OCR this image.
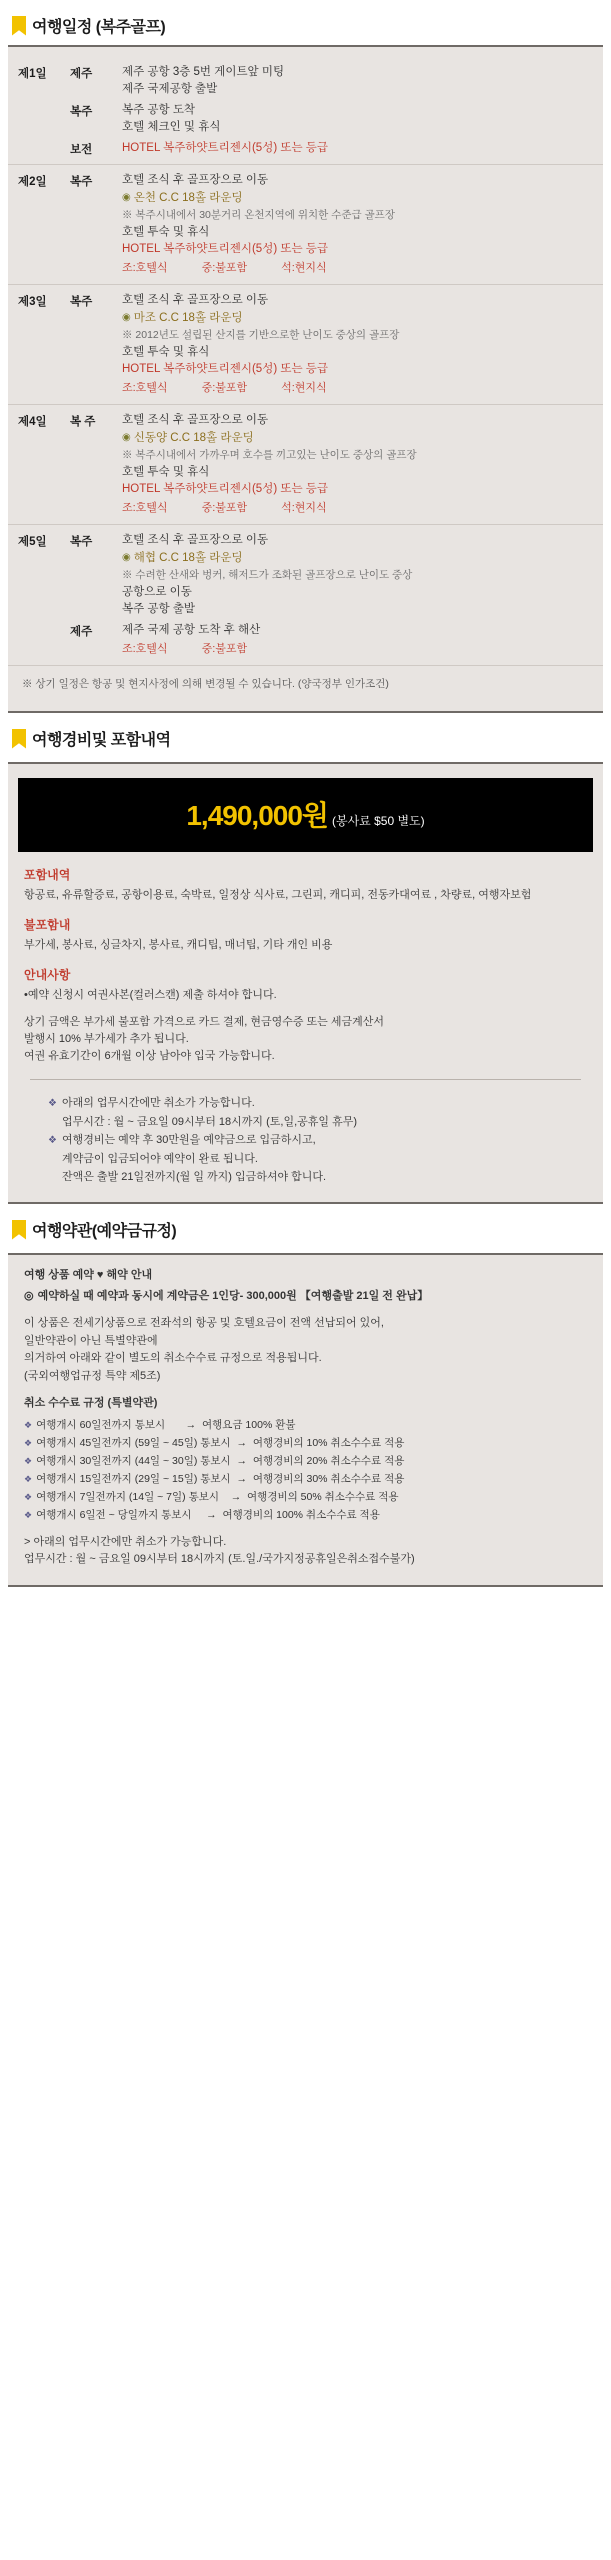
여행일정 (복주골프)
제1일	제주	제주 공항 3층 5번 게이트앞 미팅
제주 국제공항 출발
복주	복주 공항 도착
호텔 체크인 및 휴식
보전	HOTEL 복주하얏트리젠시(5성) 또는 등급
제2일	복주	호텔 조식 후 골프장으로 이동
◉ 온천 C.C 18홀 라운딩
※ 복주시내에서 30분거리 온천지역에 위치한 수준급 골프장
호텔 투숙 및 휴식
HOTEL 복주하얏트리젠시(5성) 또는 등급
조:호텔식	중:불포함	석:현지식
제3일	복주	호텔 조식 후 골프장으로 이동
◉ 마조 C.C 18홀 라운딩
※ 2012년도 설립된 산지를 기반으로한 난이도 중상의 골프장
호텔 투숙 및 휴식
HOTEL 복주하얏트리젠시(5성) 또는 등급
조:호텔식	중:불포함	석:현지식
제4일	복 주	호텔 조식 후 골프장으로 이동
◉ 신동양 C.C 18홀 라운딩
※ 복주시내에서 가까우며 호수를 끼고있는 난이도 중상의 골프장
호텔 투숙 및 휴식
HOTEL 복주하얏트리젠시(5성) 또는 등급
조:호텔식	중:불포함	석:현지식
제5일	복주	호텔 조식 후 골프장으로 이동
◉ 해협 C.C 18홀 라운딩
※ 수려한 산새와 벙커, 해저드가 조화된 골프장으로 난이도 중상
공항으로 이동
복주 공항 출발
제주	제주 국제 공항 도착 후 해산
조:호텔식	중:불포함
※ 상기 일정은 항공 및 현지사정에 의해 변경될 수 있습니다. (양국정부 인가조건)
여행경비및 포함내역
1,490,000원 (봉사료 $50 별도)
포함내역

항공료, 유류할증료, 공항이용료, 숙박료, 일정상 식사료, 그린피, 캐디피, 전동카대여료 , 차량료, 여행자보험

불포함내

부가세, 봉사료, 싱글차지, 봉사료, 캐디팁, 매너팁, 기타 개인 비용

안내사항

•예약 신청시 여권사본(컬러스캔) 제출 하셔야 합니다.

상기 금액은 부가세 불포함 가격으로 카드 결제, 현금영수증 또는 세금계산서

발행시 10% 부가세가 추가 됩니다.

여권 유효기간이 6개월 이상 남아야 입국 가능합니다.

❖ 아래의 업무시간에만 취소가 가능합니다.
업무시간 : 월 ~ 금요일 09시부터 18시까지 (토,일,공휴일 휴무)
❖ 여행경비는 예약 후 30만원을 예약금으로 입금하시고,
계약금이 입금되어야 예약이 완료 됩니다.
잔액은 출발 21일전까지(월 일 까지) 입금하셔야 합니다.
여행약관(예약금규정)
여행 상품 예약 ♥ 해약 안내
◎ 예약하실 때 예약과 동시에 계약금은 1인당- 300,000원 【여행출발 21일 전 완납】
이 상품은 전세기상품으로 전좌석의 항공 및 호텔요금이 전액 선납되어 있어,
일반약관이 아닌 특별약관에
의거하여 아래와 같이 별도의 취소수수료 규정으로 적용됩니다.
(국외여행업규정 특약 제5조)
취소 수수료 규정 (특별약관)
❖ 여행개시 60일전까지 통보시 → 여행요금 100% 환불
❖ 여행개시 45일전까지 (59일 ~ 45일) 통보시 → 여행경비의 10% 취소수수료 적용
❖ 여행개시 30일전까지 (44일 ~ 30일) 통보시 → 여행경비의 20% 취소수수료 적용
❖ 여행개시 15일전까지 (29일 ~ 15일) 통보시 → 여행경비의 30% 취소수수료 적용
❖ 여행개시 7일전까지 (14일 ~ 7일) 통보시 → 여행경비의 50% 취소수수료 적용
❖ 여행개시 6일전 ~ 당일까지 통보시 → 여행경비의 100% 취소수수료 적용
> 아래의 업무시간에만 취소가 가능합니다.
업무시간 : 월 ~ 금요일 09시부터 18시까지 (토.일./국가지정공휴일은취소접수불가)
